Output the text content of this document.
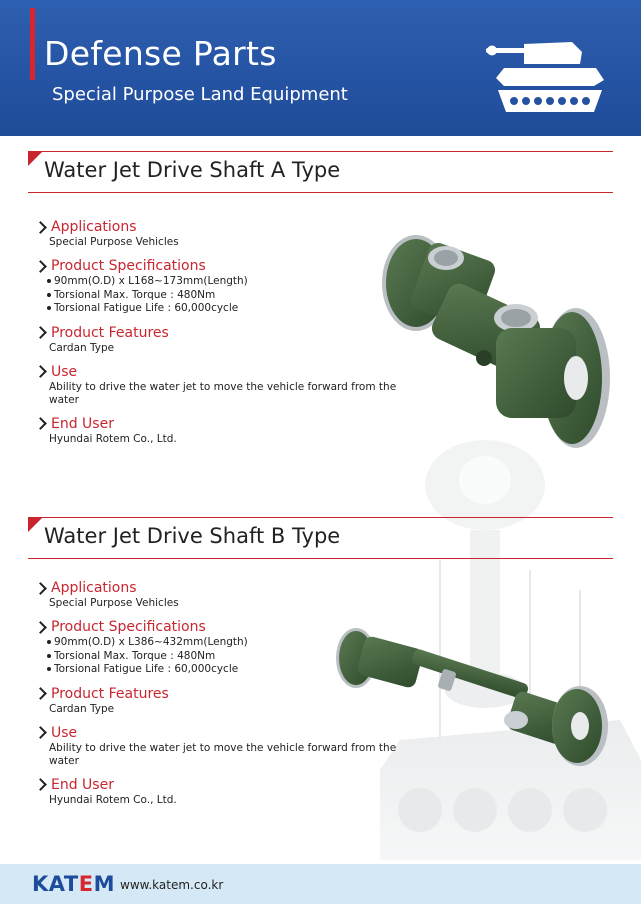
Defense Parts
Special Purpose Land Equipment
Water Jet Drive Shaft A Type
Applications
Special Purpose Vehicles
Product Specifications
90mm(O.D) x L168~173mm(Length)
Torsional Max. Torque : 480Nm
Torsional Fatigue Life : 60,000cycle
Product Features
Cardan Type
Use
Ability to drive the water jet to move the vehicle forward from the water
End User
Hyundai Rotem Co., Ltd.
Water Jet Drive Shaft B Type
Applications
Special Purpose Vehicles
Product Specifications
90mm(O.D) x L386~432mm(Length)
Torsional Max. Torque : 480Nm
Torsional Fatigue Life : 60,000cycle
Product Features
Cardan Type
Use
Ability to drive the water jet to move the vehicle forward from the water
End User
Hyundai Rotem Co., Ltd.
KATEM www.katem.co.kr
